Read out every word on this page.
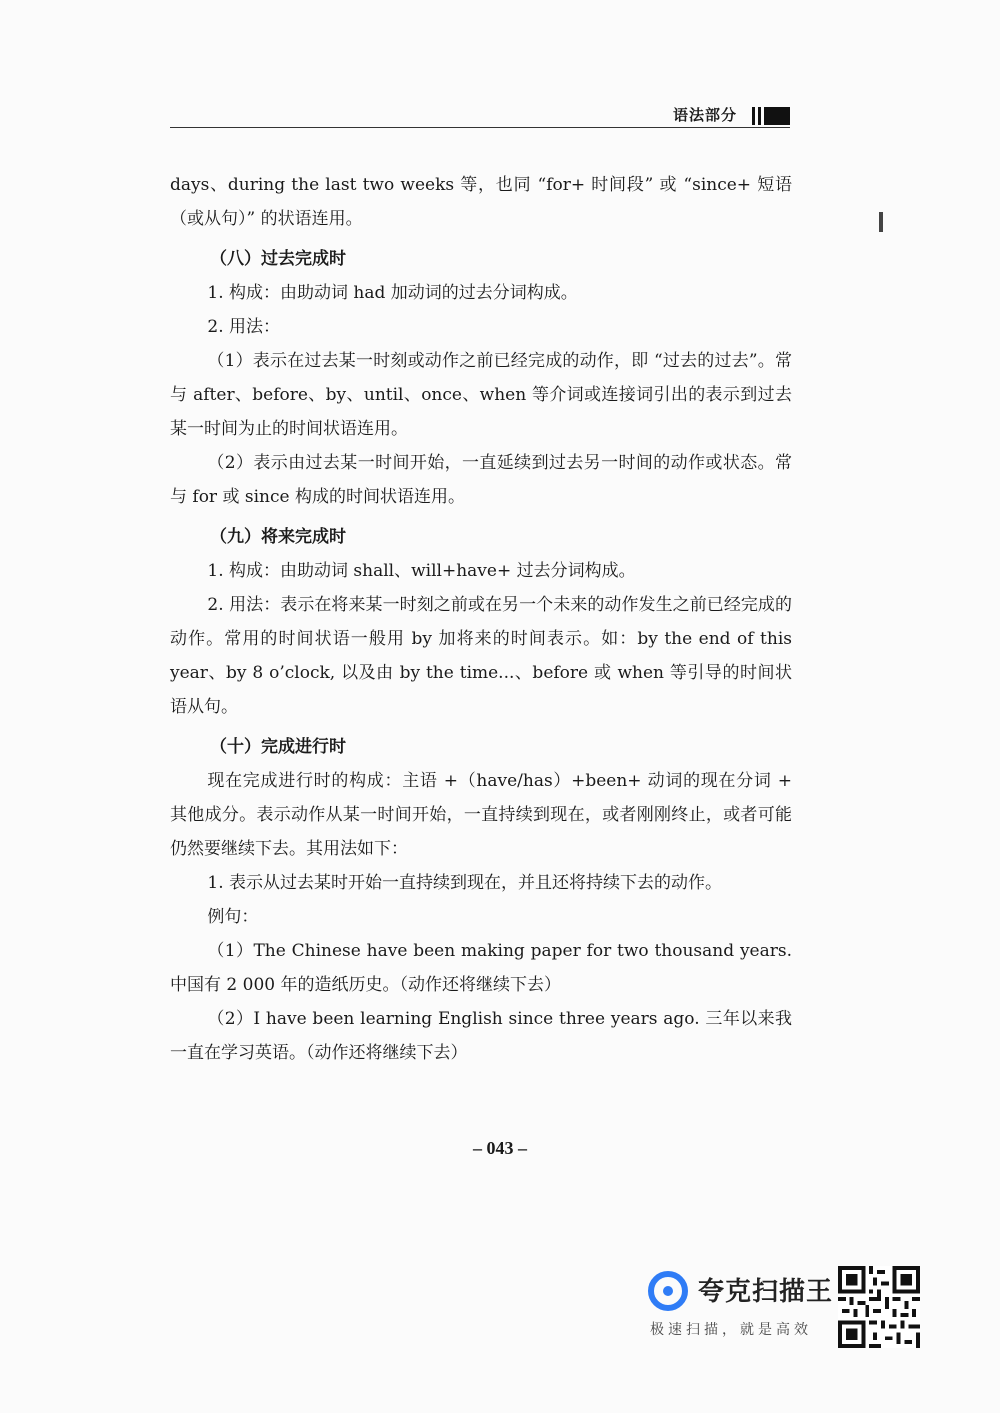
语法部分

days、during the last two weeks 等，也同 “for+ 时间段” 或 “since+ 短语（或从句）” 的状语连用。

（八）过去完成时

1. 构成：由助动词 had 加动词的过去分词构成。

2. 用法：

（1）表示在过去某一时刻或动作之前已经完成的动作，即 “过去的过去”。常与 after、before、by、until、once、when 等介词或连接词引出的表示到过去某一时间为止的时间状语连用。

（2）表示由过去某一时间开始，一直延续到过去另一时间的动作或状态。常与 for 或 since 构成的时间状语连用。

（九）将来完成时

1. 构成：由助动词 shall、will+have+ 过去分词构成。

2. 用法：表示在将来某一时刻之前或在另一个未来的动作发生之前已经完成的动作。常用的时间状语一般用 by 加将来的时间表示。如：by the end of this year、by 8 o’clock, 以及由 by the time...、before 或 when 等引导的时间状语从句。

（十）完成进行时

现在完成进行时的构成：主语 +（have/has）+been+ 动词的现在分词 + 其他成分。表示动作从某一时间开始，一直持续到现在，或者刚刚终止，或者可能仍然要继续下去。其用法如下：

1. 表示从过去某时开始一直持续到现在，并且还将持续下去的动作。

例句：

（1）The Chinese have been making paper for two thousand years. 中国有 2 000 年的造纸历史。（动作还将继续下去）

（2）I have been learning English since three years ago. 三年以来我一直在学习英语。（动作还将继续下去）

– 043 –
夸克扫描王
极速扫描，就是高效
